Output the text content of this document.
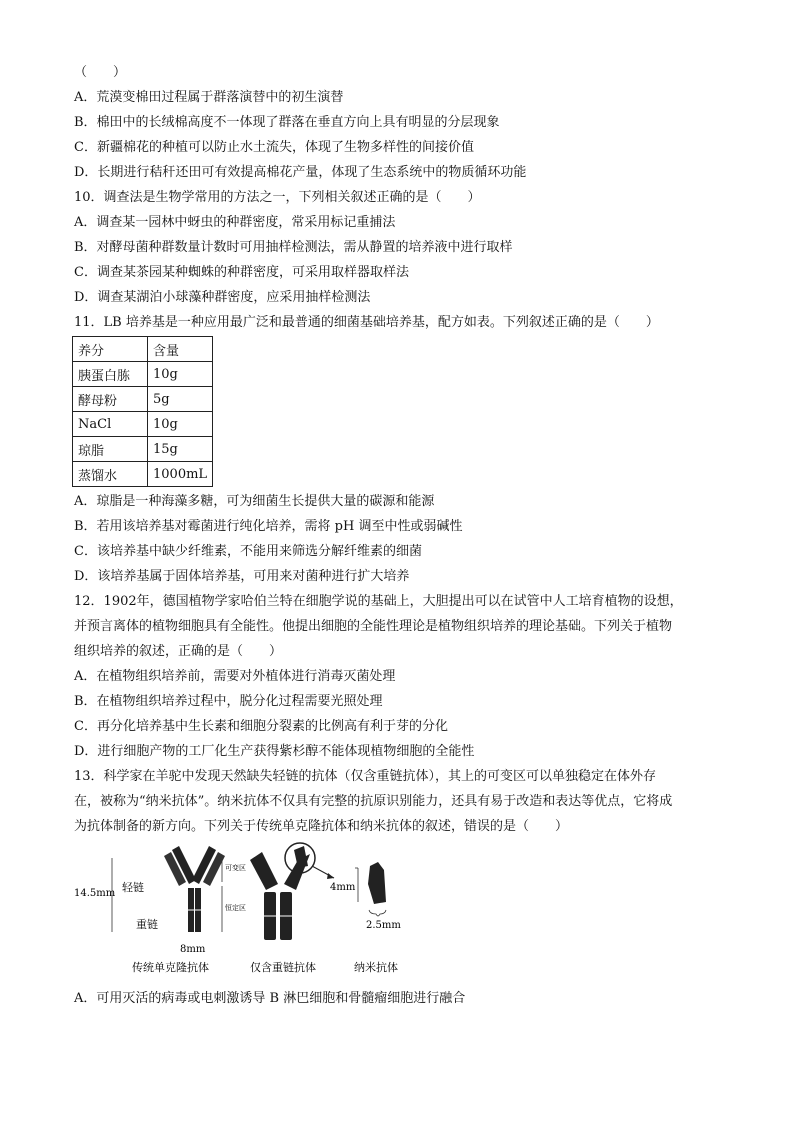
（　　）
A．荒漠变棉田过程属于群落演替中的初生演替
B．棉田中的长绒棉高度不一体现了群落在垂直方向上具有明显的分层现象
C．新疆棉花的种植可以防止水土流失，体现了生物多样性的间接价值
D．长期进行秸秆还田可有效提高棉花产量，体现了生态系统中的物质循环功能
10．调查法是生物学常用的方法之一，下列相关叙述正确的是（　　）
A．调查某一园林中蚜虫的种群密度，常采用标记重捕法
B．对酵母菌种群数量计数时可用抽样检测法，需从静置的培养液中进行取样
C．调查某茶园某种蜘蛛的种群密度，可采用取样器取样法
D．调查某湖泊小球藻种群密度，应采用抽样检测法
11．LB 培养基是一种应用最广泛和最普通的细菌基础培养基，配方如表。下列叙述正确的是（　　）
养分	含量
胰蛋白胨	10g
酵母粉	5g
NaCl	10g
琼脂	15g
蒸馏水	1000mL
A．琼脂是一种海藻多糖，可为细菌生长提供大量的碳源和能源
B．若用该培养基对霉菌进行纯化培养，需将 pH 调至中性或弱碱性
C．该培养基中缺少纤维素，不能用来筛选分解纤维素的细菌
D．该培养基属于固体培养基，可用来对菌种进行扩大培养
12．1902年，德国植物学家哈伯兰特在细胞学说的基础上，大胆提出可以在试管中人工培育植物的设想，
并预言离体的植物细胞具有全能性。他提出细胞的全能性理论是植物组织培养的理论基础。下列关于植物
组织培养的叙述，正确的是（　　）
A．在植物组织培养前，需要对外植体进行消毒灭菌处理
B．在植物组织培养过程中，脱分化过程需要光照处理
C．再分化培养基中生长素和细胞分裂素的比例高有利于芽的分化
D．进行细胞产物的工厂化生产获得紫杉醇不能体现植物细胞的全能性
13．科学家在羊驼中发现天然缺失轻链的抗体（仅含重链抗体），其上的可变区可以单独稳定在体外存
在，被称为“纳米抗体”。纳米抗体不仅具有完整的抗原识别能力，还具有易于改造和表达等优点，它将成
为抗体制备的新方向。下列关于传统单克隆抗体和纳米抗体的叙述，错误的是（　　）
14.5mm 轻链
重链
可变区
恒定区
8mm
传统单克隆抗体	仅含重链抗体
4mm
2.5mm
纳米抗体
A．可用灭活的病毒或电刺激诱导 B 淋巴细胞和骨髓瘤细胞进行融合
